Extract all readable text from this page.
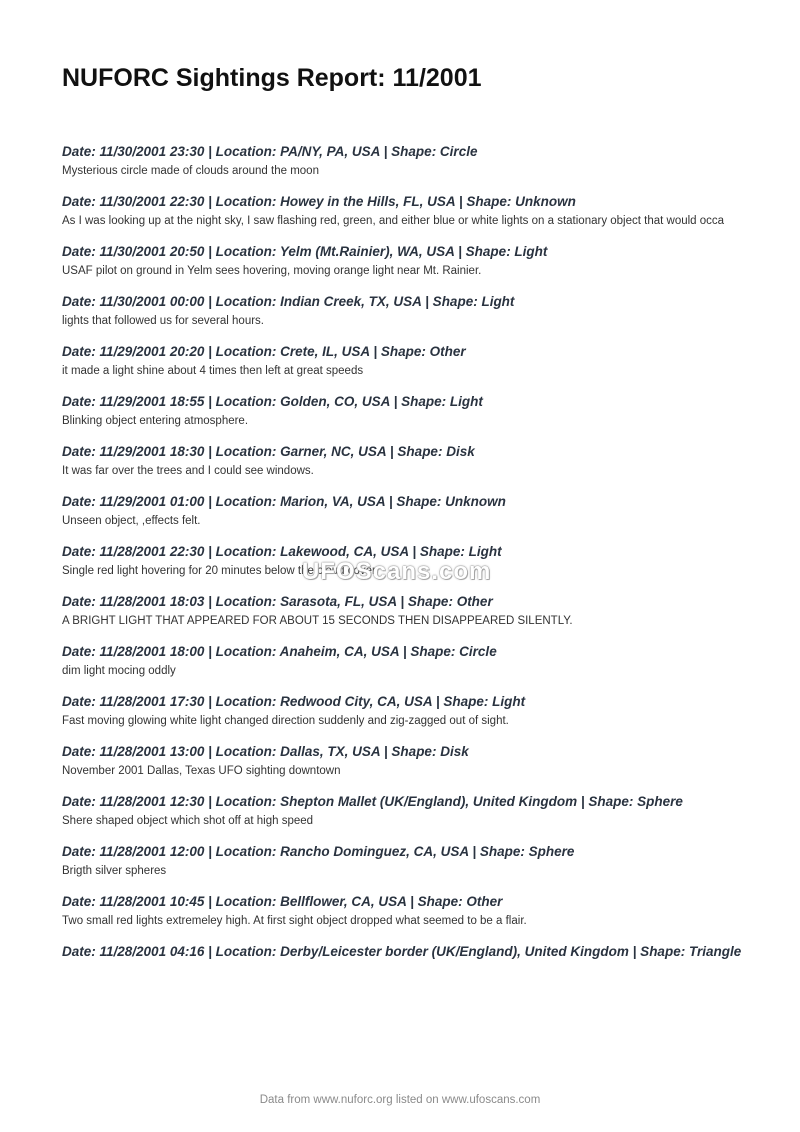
NUFORC Sightings Report: 11/2001
Date: 11/30/2001 23:30 | Location: PA/NY, PA, USA | Shape: Circle
Mysterious circle made of clouds around the moon
Date: 11/30/2001 22:30 | Location: Howey in the Hills, FL, USA | Shape: Unknown
As I was looking up at the night sky, I saw flashing red, green, and either blue or white lights on a stationary object that would occa
Date: 11/30/2001 20:50 | Location: Yelm (Mt.Rainier), WA, USA | Shape: Light
USAF pilot on ground in Yelm sees hovering, moving orange light near Mt. Rainier.
Date: 11/30/2001 00:00 | Location: Indian Creek, TX, USA | Shape: Light
lights that followed us for several hours.
Date: 11/29/2001 20:20 | Location: Crete, IL, USA | Shape: Other
it made a light shine about 4 times then left at great speeds
Date: 11/29/2001 18:55 | Location: Golden, CO, USA | Shape: Light
Blinking object entering atmosphere.
Date: 11/29/2001 18:30 | Location: Garner, NC, USA | Shape: Disk
It was far over the trees and I could see windows.
Date: 11/29/2001 01:00 | Location: Marion, VA, USA | Shape: Unknown
Unseen object, ,effects felt.
Date: 11/28/2001 22:30 | Location: Lakewood, CA, USA | Shape: Light
Single red light hovering for 20 minutes below the cloud cover.
Date: 11/28/2001 18:03 | Location: Sarasota, FL, USA | Shape: Other
A BRIGHT LIGHT THAT APPEARED FOR ABOUT 15 SECONDS THEN DISAPPEARED SILENTLY.
Date: 11/28/2001 18:00 | Location: Anaheim, CA, USA | Shape: Circle
dim light mocing oddly
Date: 11/28/2001 17:30 | Location: Redwood City, CA, USA | Shape: Light
Fast moving glowing white light changed direction suddenly and zig-zagged out of sight.
Date: 11/28/2001 13:00 | Location: Dallas, TX, USA | Shape: Disk
November 2001 Dallas, Texas UFO sighting downtown
Date: 11/28/2001 12:30 | Location: Shepton Mallet (UK/England), United Kingdom | Shape: Sphere
Shere shaped object which shot off at high speed
Date: 11/28/2001 12:00 | Location: Rancho Dominguez, CA, USA | Shape: Sphere
Brigth silver spheres
Date: 11/28/2001 10:45 | Location: Bellflower, CA, USA | Shape: Other
Two small red lights extremeley high. At first sight object dropped what seemed to be a flair.
Date: 11/28/2001 04:16 | Location: Derby/Leicester border (UK/England), United Kingdom | Shape: Triangle
UFOScans.com
Data from www.nuforc.org listed on www.ufoscans.com
